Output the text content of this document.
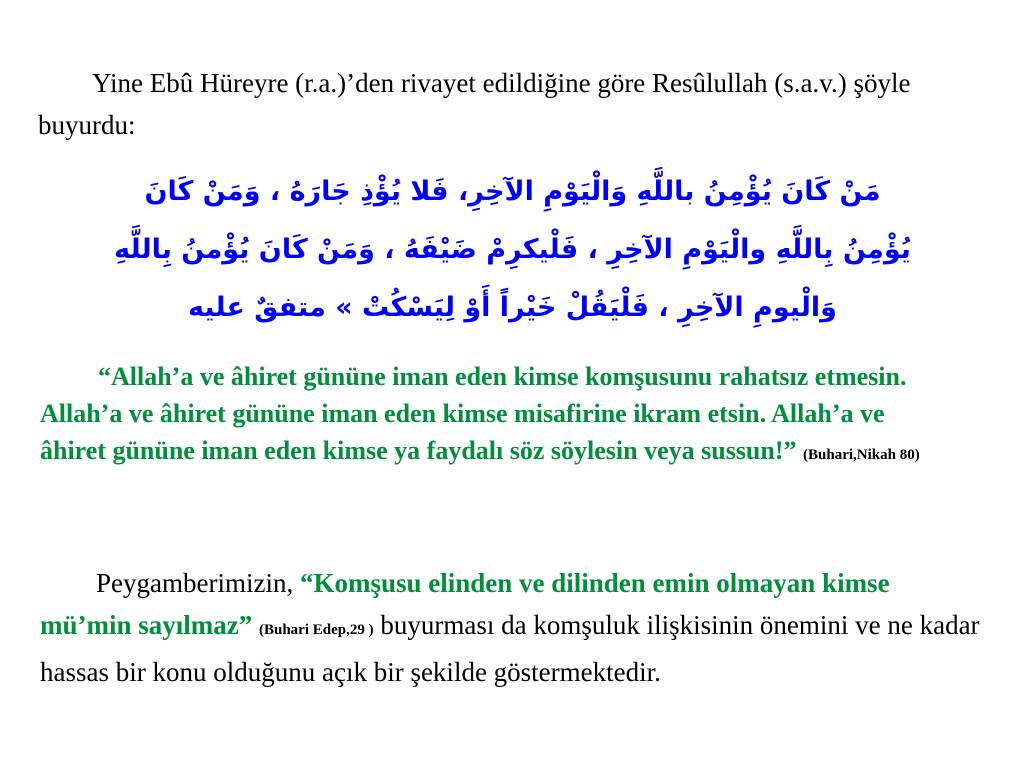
Yine Ebû Hüreyre (r.a.)’den rivayet edildiğine göre Resûlullah (s.a.v.) şöyle buyurdu:

مَنْ كَانَ يُؤْمِنُ باللَّهِ وَالْيَوْمِ الآخِرِ، فَلا يُؤْذِ جَارَهُ ، وَمَنْ كَانَ
يُؤْمِنُ بِاللَّهِ والْيَوْمِ الآخِرِ ، فَلْيكرِمْ ضَيْفَهُ ، وَمَنْ كَانَ يُؤْمنُ بِاللَّهِ
وَالْيومِ الآخِرِ ، فَلْيَقُلْ خَيْراً أَوْ لِيَسْكُتْ » متفقٌ عليه

“Allah’a ve âhiret gününe iman eden kimse komşusunu rahatsız etmesin. Allah’a ve âhiret gününe iman eden kimse misafirine ikram etsin. Allah’a ve âhiret gününe iman eden kimse ya faydalı söz söylesin veya sussun!” (Buhari,Nikah 80)

Peygamberimizin, “Komşusu elinden ve dilinden emin olmayan kimse mü’min sayılmaz” (Buhari Edep,29 ) buyurması da komşuluk ilişkisinin önemini ve ne kadar hassas bir konu olduğunu açık bir şekilde göstermektedir.
